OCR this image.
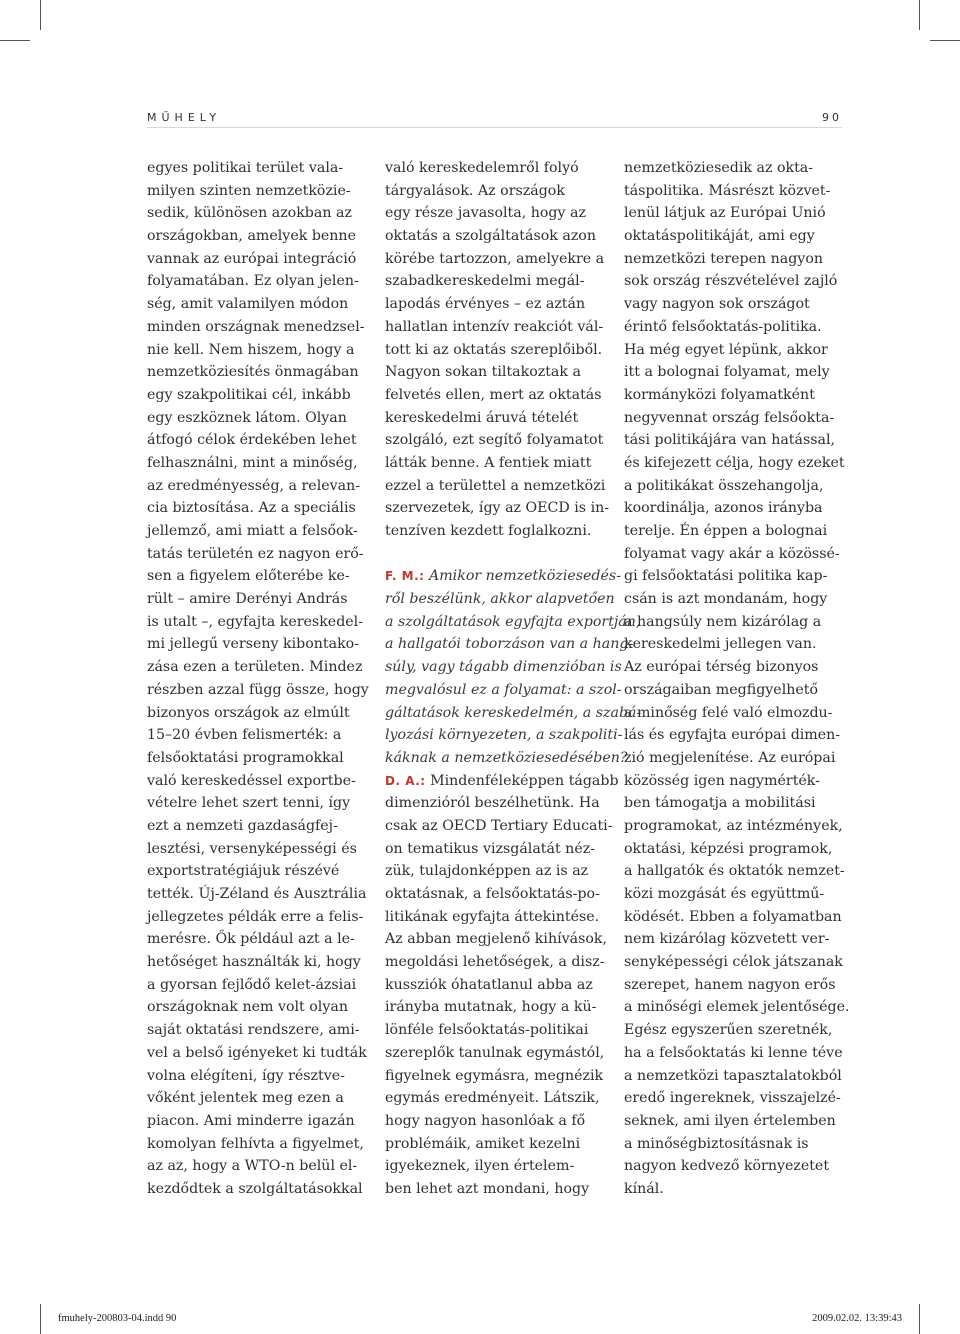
MŰHELY	90
egyes politikai terület vala-
milyen szinten nemzetközie-
sedik, különösen azokban az
országokban, amelyek benne
vannak az európai integráció
folyamatában. Ez olyan jelen-
ség, amit valamilyen módon
minden országnak menedzsel-
nie kell. Nem hiszem, hogy a
nemzetköziesítés önmagában
egy szakpolitikai cél, inkább
egy eszköznek látom. Olyan
átfogó célok érdekében lehet
felhasználni, mint a minőség,
az eredményesség, a relevan-
cia biztosítása. Az a speciális
jellemző, ami miatt a felsőok-
tatás területén ez nagyon erő-
sen a figyelem előterébe ke-
rült – amire Derényi András
is utalt –, egyfajta kereskedel-
mi jellegű verseny kibontako-
zása ezen a területen. Mindez
részben azzal függ össze, hogy
bizonyos országok az elmúlt
15–20 évben felismerték: a
felsőoktatási programokkal
való kereskedéssel exportbe-
vételre lehet szert tenni, így
ezt a nemzeti gazdaságfej-
lesztési, versenyképességi és
exportstratégiájuk részévé
tették. Új-Zéland és Ausztrália
jellegzetes példák erre a felis-
merésre. Ők például azt a le-
hetőséget használták ki, hogy
a gyorsan fejlődő kelet-ázsiai
országoknak nem volt olyan
saját oktatási rendszere, ami-
vel a belső igényeket ki tudták
volna elégíteni, így résztve-
vőként jelentek meg ezen a
piacon. Ami minderre igazán
komolyan felhívta a figyelmet,
az az, hogy a WTO-n belül el-
kezdődtek a szolgáltatásokkal
való kereskedelemről folyó
tárgyalások. Az országok
egy része javasolta, hogy az
oktatás a szolgáltatások azon
körébe tartozzon, amelyekre a
szabadkereskedelmi megál-
lapodás érvényes – ez aztán
hallatlan intenzív reakciót vál-
tott ki az oktatás szereplőiből.
Nagyon sokan tiltakoztak a
felvetés ellen, mert az oktatás
kereskedelmi áruvá tételét
szolgáló, ezt segítő folyamatot
látták benne. A fentiek miatt
ezzel a területtel a nemzetközi
szervezetek, így az OECD is in-
tenzíven kezdett foglalkozni.
F. M.: Amikor nemzetköziesedés-
ről beszélünk, akkor alapvetően
a szolgáltatások egyfajta exportján,
a hallgatói toborzáson van a hang-
súly, vagy tágabb dimenzióban is
megvalósul ez a folyamat: a szol-
gáltatások kereskedelmén, a szabá-
lyozási környezeten, a szakpoliti-
káknak a nemzetköziesedésében?
D. A.: Mindenféleképpen tágabb
dimenzióról beszélhetünk. Ha
csak az OECD Tertiary Educati-
on tematikus vizsgálatát néz-
zük, tulajdonképpen az is az
oktatásnak, a felsőoktatás-po-
litikának egyfajta áttekintése.
Az abban megjelenő kihívások,
megoldási lehetőségek, a disz-
kussziók óhatatlanul abba az
irányba mutatnak, hogy a kü-
lönféle felsőoktatás-politikai
szereplők tanulnak egymástól,
figyelnek egymásra, megnézik
egymás eredményeit. Látszik,
hogy nagyon hasonlóak a fő
problémáik, amiket kezelni
igyekeznek, ilyen értelem-
ben lehet azt mondani, hogy
nemzetköziesedik az okta-
táspolitika. Másrészt közvet-
lenül látjuk az Európai Unió
oktatáspolitikáját, ami egy
nemzetközi terepen nagyon
sok ország részvételével zajló
vagy nagyon sok országot
érintő felsőoktatás-politika.
Ha még egyet lépünk, akkor
itt a bolognai folyamat, mely
kormányközi folyamatként
negyvennat ország felsőokta-
tási politikájára van hatással,
és kifejezett célja, hogy ezeket
a politikákat összehangolja,
koordinálja, azonos irányba
terelje. Én éppen a bolognai
folyamat vagy akár a közössé-
gi felsőoktatási politika kap-
csán is azt mondanám, hogy
a hangsúly nem kizárólag a
kereskedelmi jellegen van.
Az európai térség bizonyos
országaiban megfigyelhető
a minőség felé való elmozdu-
lás és egyfajta európai dimen-
zió megjelenítése. Az európai
közösség igen nagymérték-
ben támogatja a mobilitási
programokat, az intézmények,
oktatási, képzési programok,
a hallgatók és oktatók nemzet-
közi mozgását és együttmű-
ködését. Ebben a folyamatban
nem kizárólag közvetett ver-
senyképességi célok játszanak
szerepet, hanem nagyon erős
a minőségi elemek jelentősége.
Egész egyszerűen szeretnék,
ha a felsőoktatás ki lenne téve
a nemzetközi tapasztalatokból
eredő ingereknek, visszajelzé-
seknek, ami ilyen értelemben
a minőségbiztosításnak is
nagyon kedvező környezetet
kínál.
fmuhely-200803-04.indd 90	2009.02.02. 13:39:43
